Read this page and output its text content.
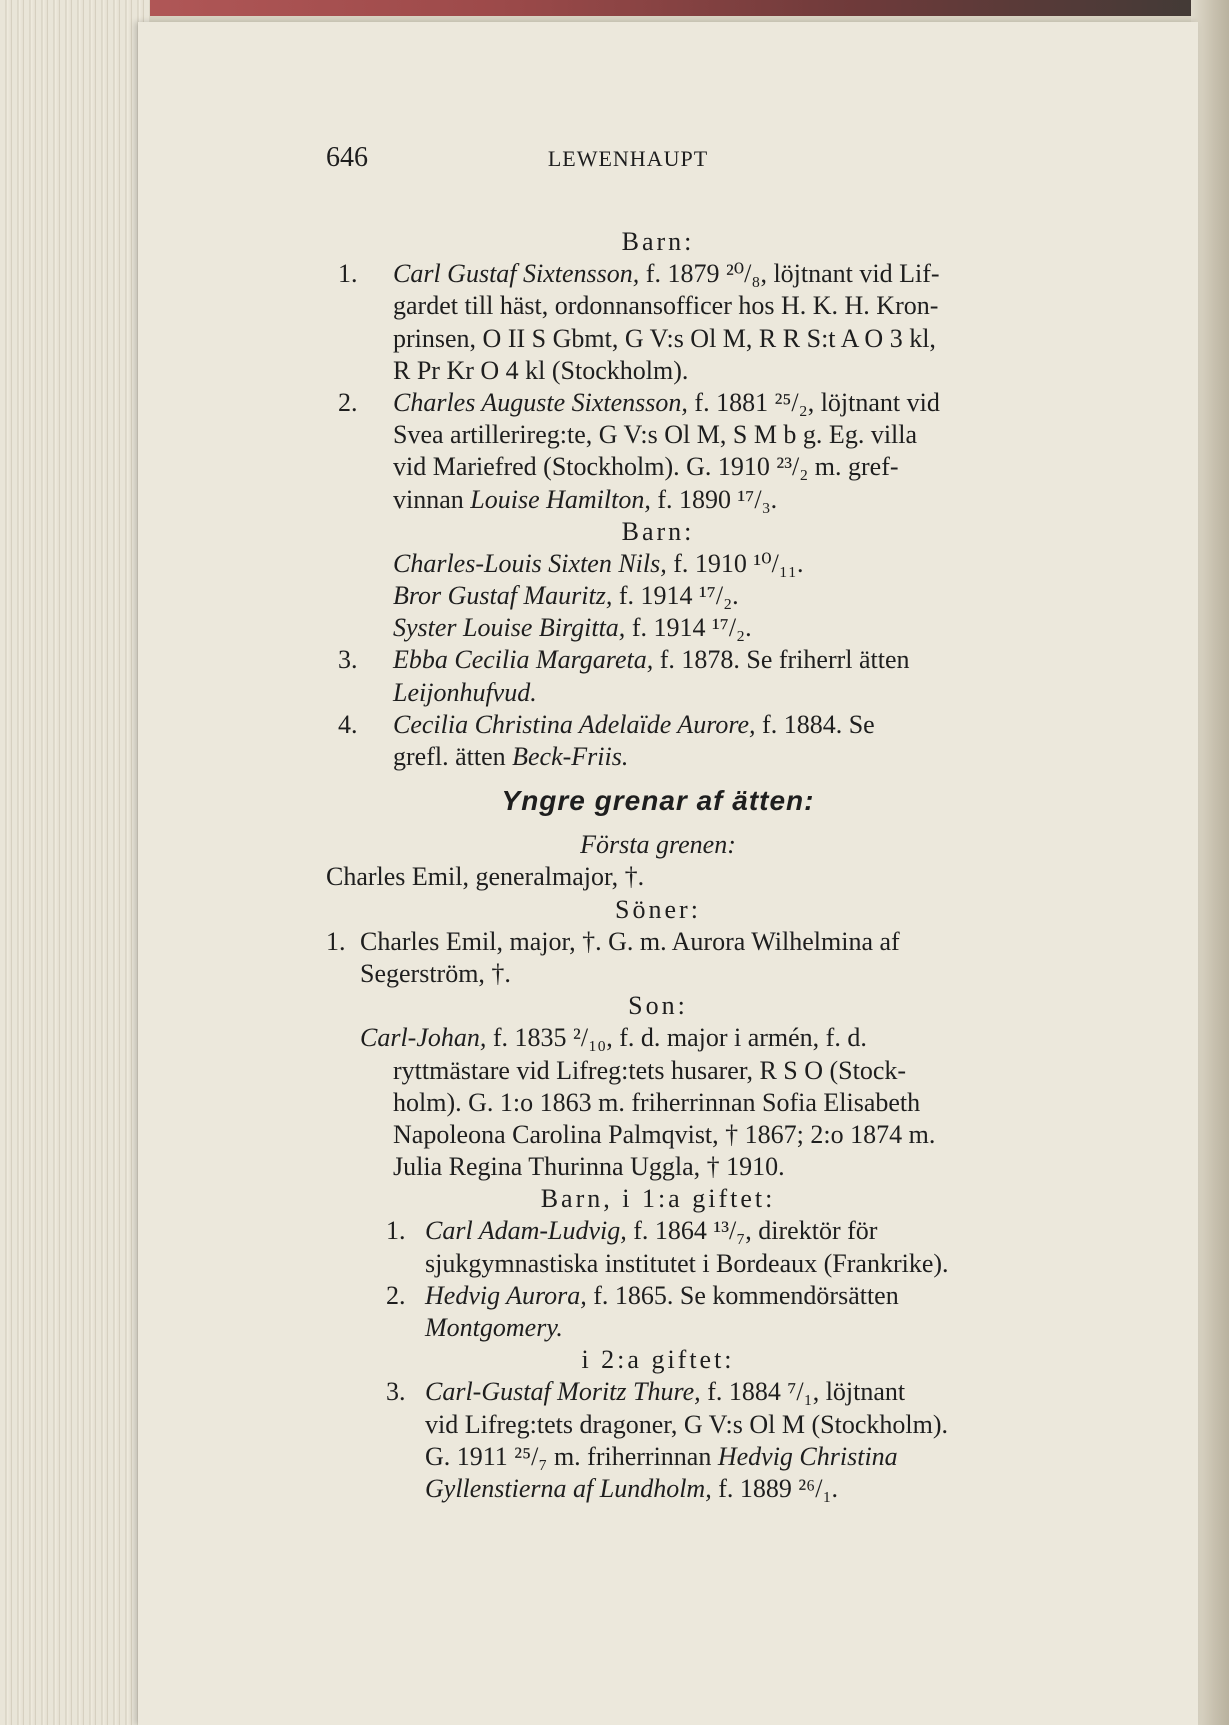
646	LEWENHAUPT
Barn:
1. Carl Gustaf Sixtensson, f. 1879 ²⁰/₈, löjtnant vid Lif-
gardet till häst, ordonnansofficer hos H. K. H. Kron-
prinsen, O II S Gbmt, G V:s Ol M, R R S:t A O 3 kl,
R Pr Kr O 4 kl (Stockholm).
2. Charles Auguste Sixtensson, f. 1881 ²⁵/₂, löjtnant vid
Svea artillerireg:te, G V:s Ol M, S M b g. Eg. villa
vid Mariefred (Stockholm). G. 1910 ²³/₂ m. gref-
vinnan Louise Hamilton, f. 1890 ¹⁷/₃.
Barn:
Charles-Louis Sixten Nils, f. 1910 ¹⁰/₁₁.
Bror Gustaf Mauritz, f. 1914 ¹⁷/₂.
Syster Louise Birgitta, f. 1914 ¹⁷/₂.
3. Ebba Cecilia Margareta, f. 1878. Se friherrl ätten
Leijonhufvud.
4. Cecilia Christina Adelaïde Aurore, f. 1884. Se
grefl. ätten Beck-Friis.
Yngre grenar af ätten:
Första grenen:
Charles Emil, generalmajor, †.
Söner:
1. Charles Emil, major, †. G. m. Aurora Wilhelmina af
Segerström, †.
Son:
Carl-Johan, f. 1835 ²/₁₀, f. d. major i armén, f. d.
ryttmästare vid Lifreg:tets husarer, R S O (Stock-
holm). G. 1:o 1863 m. friherrinnan Sofia Elisabeth
Napoleona Carolina Palmqvist, † 1867; 2:o 1874 m.
Julia Regina Thurinna Uggla, † 1910.
Barn, i 1:a giftet:
1. Carl Adam-Ludvig, f. 1864 ¹³/₇, direktör för
sjukgymnastiska institutet i Bordeaux (Frankrike).
2. Hedvig Aurora, f. 1865. Se kommendörsätten
Montgomery.
i 2:a giftet:
3. Carl-Gustaf Moritz Thure, f. 1884 ⁷/₁, löjtnant
vid Lifreg:tets dragoner, G V:s Ol M (Stockholm).
G. 1911 ²⁵/₇ m. friherrinnan Hedvig Christina
Gyllenstierna af Lundholm, f. 1889 ²⁶/₁.
